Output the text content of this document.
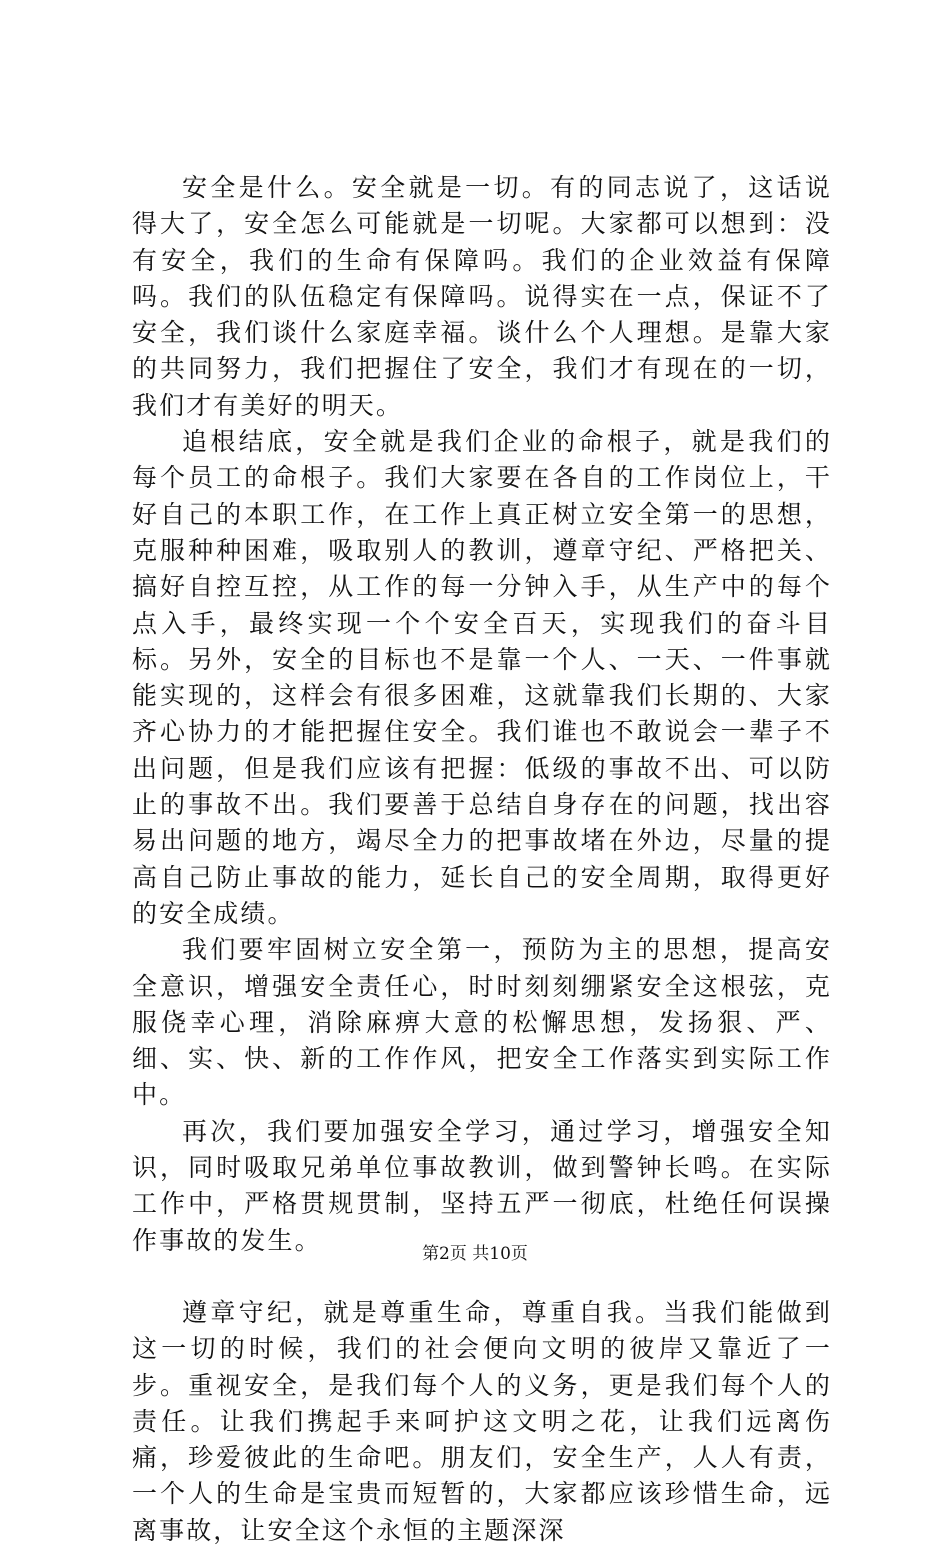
安全是什么。安全就是一切。有的同志说了，这话说得大了，安全怎么可能就是一切呢。大家都可以想到：没有安全，我们的生命有保障吗。我们的企业效益有保障吗。我们的队伍稳定有保障吗。说得实在一点，保证不了安全，我们谈什么家庭幸福。谈什么个人理想。是靠大家的共同努力，我们把握住了安全，我们才有现在的一切，我们才有美好的明天。

追根结底，安全就是我们企业的命根子，就是我们的每个员工的命根子。我们大家要在各自的工作岗位上，干好自己的本职工作，在工作上真正树立安全第一的思想，克服种种困难，吸取别人的教训，遵章守纪、严格把关、搞好自控互控，从工作的每一分钟入手，从生产中的每个点入手，最终实现一个个安全百天，实现我们的奋斗目标。另外，安全的目标也不是靠一个人、一天、一件事就能实现的，这样会有很多困难，这就靠我们长期的、大家齐心协力的才能把握住安全。我们谁也不敢说会一辈子不出问题，但是我们应该有把握：低级的事故不出、可以防止的事故不出。我们要善于总结自身存在的问题，找出容易出问题的地方，竭尽全力的把事故堵在外边，尽量的提高自己防止事故的能力，延长自己的安全周期，取得更好的安全成绩。

我们要牢固树立安全第一，预防为主的思想，提高安全意识，增强安全责任心，时时刻刻绷紧安全这根弦，克服侥幸心理，消除麻痹大意的松懈思想，发扬狠、严、细、实、快、新的工作作风，把安全工作落实到实际工作中。

再次，我们要加强安全学习，通过学习，增强安全知识，同时吸取兄弟单位事故教训，做到警钟长鸣。在实际工作中，严格贯规贯制，坚持五严一彻底，杜绝任何误操作事故的发生。

遵章守纪，就是尊重生命，尊重自我。当我们能做到这一切的时候，我们的社会便向文明的彼岸又靠近了一步。重视安全，是我们每个人的义务，更是我们每个人的责任。让我们携起手来呵护这文明之花，让我们远离伤痛，珍爱彼此的生命吧。朋友们，安全生产，人人有责，一个人的生命是宝贵而短暂的，大家都应该珍惜生命，远离事故，让安全这个永恒的主题深深

第2页 共10页
